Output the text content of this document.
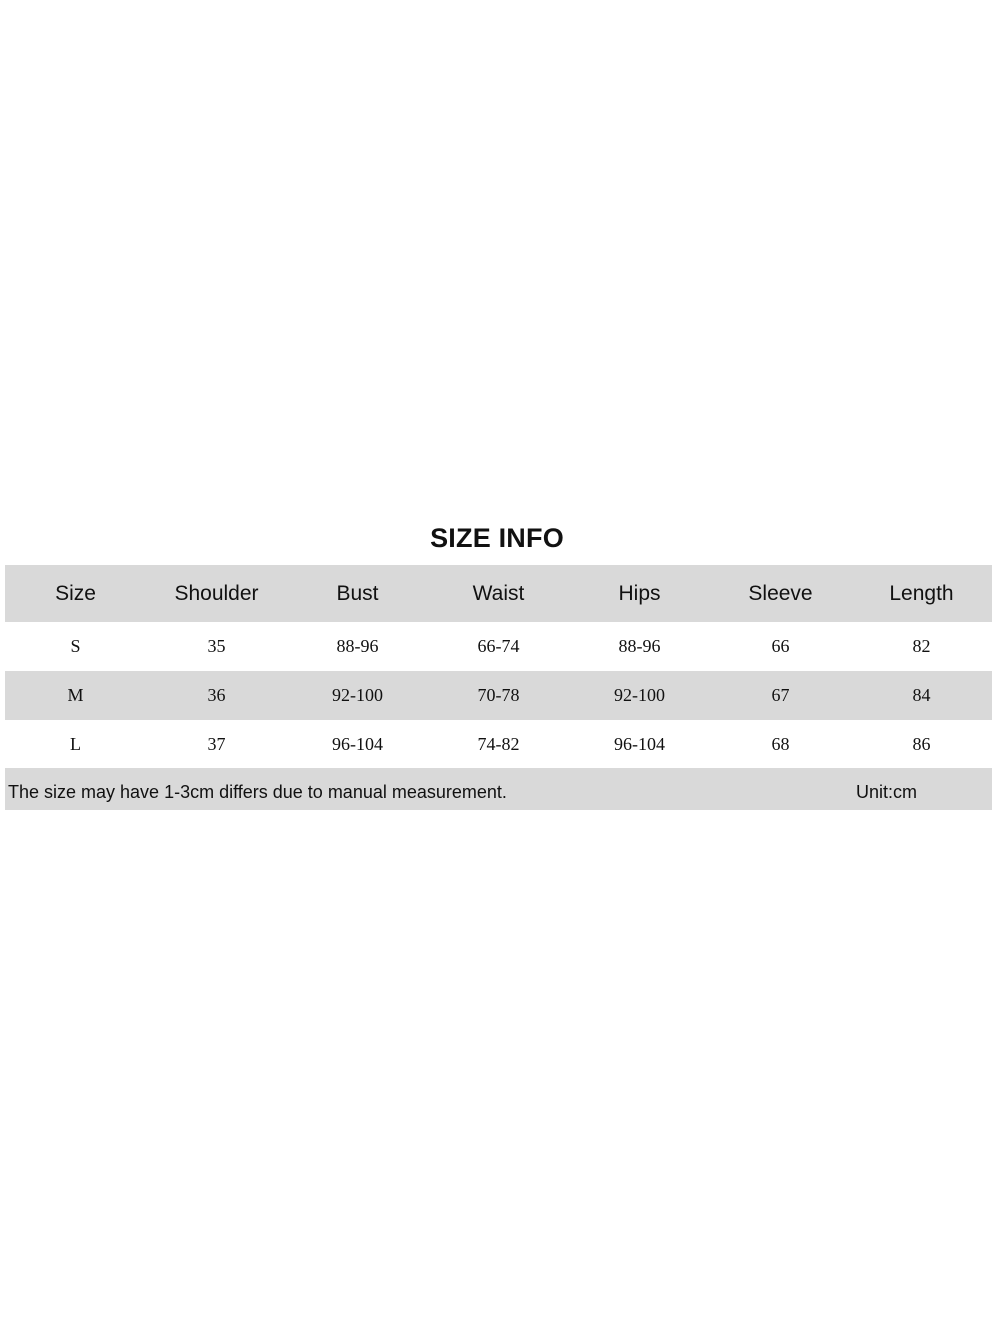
SIZE INFO
Size	Shoulder	Bust	Waist	Hips	Sleeve	Length
S	35	88-96	66-74	88-96	66	82
M	36	92-100	70-78	92-100	67	84
L	37	96-104	74-82	96-104	68	86
The size may have 1-3cm differs due to manual measurement.	Unit:cm
